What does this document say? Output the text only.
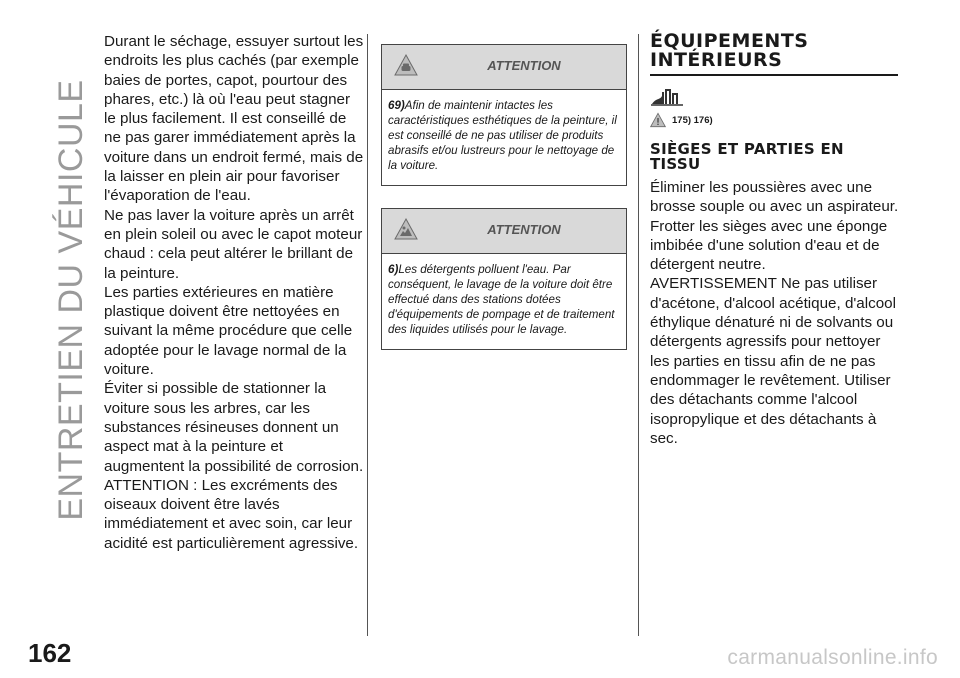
ENTRETIEN DU VÉHICULE
162

Durant le séchage, essuyer surtout les endroits les plus cachés (par exemple baies de portes, capot, pourtour des phares, etc.) là où l'eau peut stagner le plus facilement. Il est conseillé de ne pas garer immédiatement après la voiture dans un endroit fermé, mais de la laisser en plein air pour favoriser l'évaporation de l'eau.

Ne pas laver la voiture après un arrêt en plein soleil ou avec le capot moteur chaud : cela peut altérer le brillant de la peinture.

Les parties extérieures en matière plastique doivent être nettoyées en suivant la même procédure que celle adoptée pour le lavage normal de la voiture.

Éviter si possible de stationner la voiture sous les arbres, car les substances résineuses donnent un aspect mat à la peinture et augmentent la possibilité de corrosion.

ATTENTION : Les excréments des oiseaux doivent être lavés immédiatement et avec soin, car leur acidité est particulièrement agressive.

ATTENTION
69)Afin de maintenir intactes les caractéristiques esthétiques de la peinture, il est conseillé de ne pas utiliser de produits abrasifs et/ou lustreurs pour le nettoyage de la voiture.
ATTENTION
6)Les détergents polluent l'eau. Par conséquent, le lavage de la voiture doit être effectué dans des stations dotées d'équipements de pompage et de traitement des liquides utilisés pour le lavage.
ÉQUIPEMENTS
INTÉRIEURS
175) 176)
SIÈGES ET PARTIES EN
TISSU

Éliminer les poussières avec une brosse souple ou avec un aspirateur.

Frotter les sièges avec une éponge imbibée d'une solution d'eau et de détergent neutre.

AVERTISSEMENT Ne pas utiliser d'acétone, d'alcool acétique, d'alcool éthylique dénaturé ni de solvants ou détergents agressifs pour nettoyer les parties en tissu afin de ne pas endommager le revêtement. Utiliser des détachants comme l'alcool isopropylique et des détachants à sec.

carmanualsonline.info
